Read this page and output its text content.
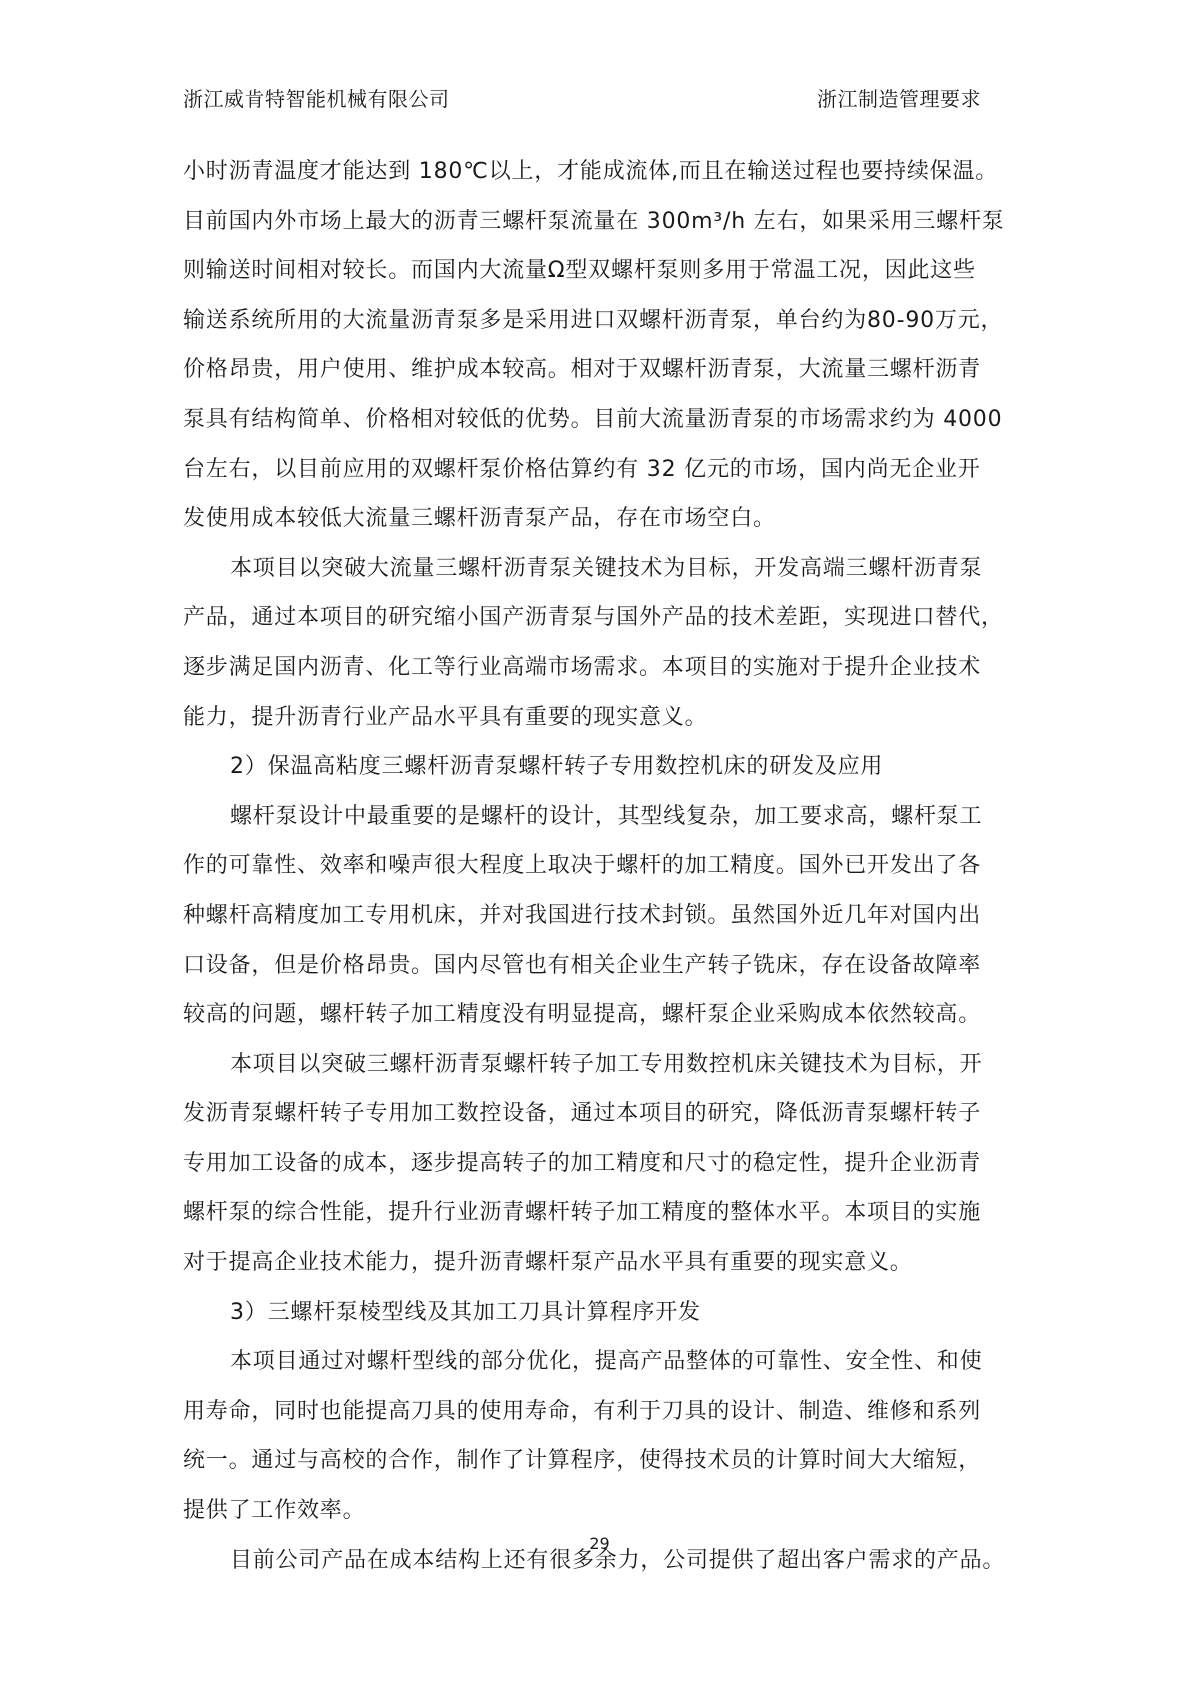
浙江威肯特智能机械有限公司	浙江制造管理要求
小时沥青温度才能达到 180℃以上，才能成流体,而且在输送过程也要持续保温。
目前国内外市场上最大的沥青三螺杆泵流量在 300m³/h 左右，如果采用三螺杆泵
则输送时间相对较长。而国内大流量Ω型双螺杆泵则多用于常温工况，因此这些
输送系统所用的大流量沥青泵多是采用进口双螺杆沥青泵，单台约为80-90万元，
价格昂贵，用户使用、维护成本较高。相对于双螺杆沥青泵，大流量三螺杆沥青
泵具有结构简单、价格相对较低的优势。目前大流量沥青泵的市场需求约为 4000
台左右，以目前应用的双螺杆泵价格估算约有 32 亿元的市场，国内尚无企业开
发使用成本较低大流量三螺杆沥青泵产品，存在市场空白。
本项目以突破大流量三螺杆沥青泵关键技术为目标，开发高端三螺杆沥青泵
产品，通过本项目的研究缩小国产沥青泵与国外产品的技术差距，实现进口替代，
逐步满足国内沥青、化工等行业高端市场需求。本项目的实施对于提升企业技术
能力，提升沥青行业产品水平具有重要的现实意义。
2）保温高粘度三螺杆沥青泵螺杆转子专用数控机床的研发及应用
螺杆泵设计中最重要的是螺杆的设计，其型线复杂，加工要求高，螺杆泵工
作的可靠性、效率和噪声很大程度上取决于螺杆的加工精度。国外已开发出了各
种螺杆高精度加工专用机床，并对我国进行技术封锁。虽然国外近几年对国内出
口设备，但是价格昂贵。国内尽管也有相关企业生产转子铣床，存在设备故障率
较高的问题，螺杆转子加工精度没有明显提高，螺杆泵企业采购成本依然较高。
本项目以突破三螺杆沥青泵螺杆转子加工专用数控机床关键技术为目标，开
发沥青泵螺杆转子专用加工数控设备，通过本项目的研究，降低沥青泵螺杆转子
专用加工设备的成本，逐步提高转子的加工精度和尺寸的稳定性，提升企业沥青
螺杆泵的综合性能，提升行业沥青螺杆转子加工精度的整体水平。本项目的实施
对于提高企业技术能力，提升沥青螺杆泵产品水平具有重要的现实意义。
3）三螺杆泵棱型线及其加工刀具计算程序开发
本项目通过对螺杆型线的部分优化，提高产品整体的可靠性、安全性、和使
用寿命，同时也能提高刀具的使用寿命，有利于刀具的设计、制造、维修和系列
统一。通过与高校的合作，制作了计算程序，使得技术员的计算时间大大缩短，
提供了工作效率。
目前公司产品在成本结构上还有很多余力，公司提供了超出客户需求的产品。
29
